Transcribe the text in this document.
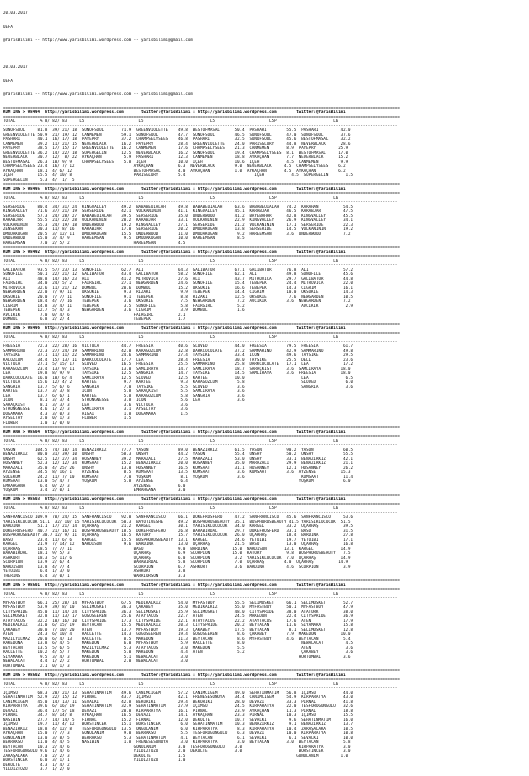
20.03.2017

UEFA

@YarisBilimi -- http://www.yarisbilimi.wordpress.com -- yarisbilimi@gmail.com

20.03.2017

UEFA

@YarisBilimi -- http://www.yarisbilimi.wordpress.com -- yarisbilimi@gmail.com

=================================================================================================================================================================
KUM ING > 98494  http://yarisbilimi.wordpress.com       twitter:@YarisBilimi : http://yarisbilimi.wordpress.com        twitter:@YarisBilimi
=================================================================================================================================================================
TOTAL          % 8/ 82/ 83     L5                      L5                           L5                      L5P                       L6
----------------------------------------------------------------------------------------------------------------------------------------------------------------
SUNOFSOUL     81.8  39/ 21/ 18  SUNOFSOUL       71.9  GREENVIOLETTE    49.8  BESTOFMASAL      50.4  PASHARI        55.5  PASHARI         42.0
GREENVIOLETTE 50.9  21/ 19/ 12  CANMEMEN        59.1  SUNOFSOUL        47.7  SUNOFSOUL        46.5  SUNOFSOUL      47.0  SUNOFSOUL       37.6
PASHARI       40.1  16/ 17/ 18  PAYEPRY         37.2  CHAMPSELYSEES    46.8  PASHARI          32.5  SUNOFSOUL      45.6  BESTOFMASAL     32.2
CANMEMEN      39.2  11/ 21/ 15  NEVERBLACK      16.2  PAYEPRY          28.4  GREENVIOLETTE    24.0  PARISGLORY     44.8  NEVERBLACK      28.6
PAYEPRY       38.5  17/ 15/ 17  GREENVIOLETTE   16.2  CANMEMEN         17.6  CHAMPSELYSEES    21.3  CANMEMEN       8.9  PAYEPRY         25.9
GREENVIOLETTE 36.2  14/ 22/ 18  SUPERGELIN      12.5  NEVERBLACK       16.2  SONOFSOUL        19.4  CHAMPSELYSEES  8.1  BESTOFMASAL     17.0
NEVERBLACK    30.7  12/  8/ 22  AYKAÇHAN         5.9  PASHARI          12.3  CANMEMEN         18.8  AYKAÇHAN       7.7  NEVERBLACK      15.2
BESTOFMASAL   26.3  10/ 9/ 9    CHAMPSELYSEES    5.8  İÇEH             10.0  İÇEH             10.6  İÇEH           4.5  CANMEMEN         9.9
CHAMPSELYSEES 23.4  16/ 7/ 12                        AYKAÇHAN          6.3  NEVERBLACK        9.0  NEVERBLACK     4.5  CHAMPSELYSEES    6.2
AYKAÇHAN      18.1  4/ 6/ 12                         BESTOFMASAL       4.0  AYKAÇHAN          1.0  AYKAÇHAN       4.5  AYKAÇHAN         6.2
İÇEH          15.5  4/ 10/ 8                         PARISGLORY        5.4                            İÇEH           4.5  SUPERGELIN       1.5
SUPERGELIN     5.3  4/  1/  5
=================================================================================================================================================================
KUM ING > 98495  http://yarisbilimi.wordpress.com       twitter:@YarisBilimi : http://yarisbilimi.wordpress.com        twitter:@YarisBilimi
=================================================================================================================================================================
TOTAL          % 8/ 82/ 83     L5                      L5                           L5                      L5P                       L6
----------------------------------------------------------------------------------------------------------------------------------------------------------------
SERSERIDE     80.4  34/ 31/ 24  KINGVALLEY      49.2  BABABEUIALAH     49.8  BABABEUIALAH     63.6  BABABEUIALAH   74.2  KARAHAN          54.5
KINGVALLEY    71.6  37/ 21/ 19  SERSERIDE       42.1  VOLKANININ       41.1  KINGVALLEY       45.1  KARABJAR       46.5  KARABJAR         47.5
SERSERIDE     57.3  24/ 28/ 27  BABABEUIALAH    39.5  SERSERIDE        35.0  UNDERWOOD        41.2  BAYEBAHAR      42.8  KINGVALLEY       45.5
KARABJAR      55.5  21/ 22/ 28  VOLKANININ      20.2  KARABJAR         33.1  VOLKANININ       22.9  KINGVALLEY     26.9  KINGVALLEY       34.1
VOLKANININ    55.3  24/ 19/ 18  UNDERWOOD       19.2  KINGVALLEY       27.1  SERSERIDE        21.2  VOLKANININ     17.1  SERSERIDE        22.3
ZENSEKAN      30.3  11/ 8/ 16   KARABJAR        17.0  SERSERIDE        20.2  DMUDAKOGAN       13.8  SERSERIDE      14.5  VOLKANININ       19.2
DMUDAKOGAN    20.5  3/ 12/ 11   DMUDAKOGAN      15.5  UNDERWOOD        11.0  DMUDAKOGAN        9.2  HAREEMSAN      3.6  UNDERWOOD         7.2
UNDERWOOD     15.0  3/ 4/ 9     HAREEMSAN        9.5  DMUDAKOGAN       10.0  HAREEMSAN         8.5
HAREEMSAN      7.0  2/ 5/ 2                          HAREEMSAN         4.5
=================================================================================================================================================================
KUM ING > 98492  http://yarisbilimi.wordpress.com       twitter:@YarisBilimi : http://yarisbilimi.wordpress.com        twitter:@YarisBilimi
=================================================================================================================================================================
TOTAL          % 8/ 82/ 83     L5                      L5                           L5                      L5P                       L6
----------------------------------------------------------------------------------------------------------------------------------------------------------------
GALIBATUR     93.5  57/ 23/ 13  SUNOFILE        62.7  ALI              64.3  GALIBATUR        67.1  GALIBATUR      76.8  ALI              57.2
SUNOFILE      50.1  22/ 21/ 12  GALIBATUR       43.4  GALIBATUR        58.2  SUNOFILE         62.1  ALI            49.8  SUNOFILE         45.6
ALI           48.8  14/ 16/ 23  ALI             41.2  MITROVICA        27.6  ALI              43.7  MITROVICA      29.7  GALIBATUR        44.8
FAIRGIRL      34.0  24/ 5/ 2    FAIRGIRL        27.1  NEWGARDEN        24.6  SUNOFILE         15.4  TEBEPEK        24.4  MITROVICA        22.0
MITROVICA     32.6  11/ 21/ 12  DOMBUL          20.6  DOMBUL           15.2  ÖKSÜKIE          16.6  TEBEPEK        14.3  CİGRIM           16.1
NEWGARDEN     22.0  7/ 9/ 11    ÖKSÜKIE          9.3  RIZAKI            9.9  TEBEPEK          14.4  CİGRIM         10.0  ÖKSÜKIE          14.3
ÖKSÜKIE       20.0  7/ 7/ 11    SUNOFILE         9.1  TEBEPEK           8.8  RIZAKI           12.5  ÖKSÜKIE         7.6  NEWGARDEN        10.5
NEWGARDEN     18.4  4/ 7/ 16    TEBEPEK          3.6  ÖKSÜKIE           7.5  NEWGARDEN         7.2  AVCIKIK        3.6  NEWGARDEN         7.2
CİGRIM        14.8  3/ 4/ 11    TEBEPEK          3.5  SUNOFILE          5.8  FAIRGIRL          5.2                       AVCIKIK           2.9
TEBEPEK       12.7  5/ 4/ 3     NEWGARDEN        3.6  CİGRIM            3.9  DOMBUL            1.6
AVCIKIK        7.0  0/ 4/ 6                          FAIRGIRL          2.1
DOMBUL         6.8  2/ 2/ 4                          TEBEPEK           1.7
=================================================================================================================================================================
KUM ING > 98496  http://yarisbilimi.wordpress.com       twitter:@YarisBilimi : http://yarisbilimi.wordpress.com        twitter:@YarisBilimi
=================================================================================================================================================================
TOTAL          % 8/ 82/ 83     L5                      L5                           L5                      L5P                       L6
----------------------------------------------------------------------------------------------------------------------------------------------------------------
FREESIA       72.3  22/ 28/ 16  VICTOLA         44.7  FREESIA          40.6  SLOVED           44.0  FREESIA        79.5  FREESIA          61.7
SAMMARINO     72.3  27/ 24/ 19  SAMMARINO       42.0  KARAGOZLUM       32.8  DARKCOCOLATE     37.2  SAMMARINO      42.9  SAMMARINO        49.8
TAYSIKE       37.1  11/ 11/ 22  SAMMARINO       24.6  SAMMARINO        27.4  TAYSIKE          33.4  ICON           49.6  TAYSIKE          29.5
KALOZLUM      34.4  15/ 13/ 11  DARKCOCOLATE    17.7  LEA              28.4  FREESIA          30.0  TAYSIKE        25.5  DELL             23.6
VICTOLA       27.1  5/ 15/ 17   SLOVED          16.5  FREESIA          25.5  SAMMARINO        25.8  DARKCOCOLATE   17.1  LEA              17.2
KARAGOZLUM    23.4  13/ 9/ 11   TAYSIKE         13.0  SAMLIRAYA        14.7  SAMLIRAYA        18.7  SARAÇKIST      3.6  SAMLIRAYA        18.0
LEA           19.8  8/ 9/ 9     TAYSIKE         12.5  SANGRIA          14.7  TAYSIKE          14.5  SAMLIRAYA      3.6  FREESIA          18.0
DARKCOCOLATE  16.0  10/ 6/ 4    SAMLIRAYA       12.5  SLOVED           12.5  KARTEE           10.0                       LEA               6.5
VICTOLA       15.6  12/ 4/ 2    KARTEE           9.7  KARTEE            9.3  KARAGOZLUM        5.8                       SLOVED            6.0
SANGRIA       13.7  5/ 6/ 6     SANGRIA          7.0  TAYSIKE           5.5  SLOVED            3.6                       SANGRIA           3.6
KARTEE        13.7  3/ 3/ 8     ICON             5.8  SARAÇKIST         5.5  SAMLIRAYA         3.6
LEA           13.7  6/ 6/ 1     KARTEE           5.8  KARAGOZLUM        5.8  SANGRIA           3.6
ICON           8.1  3/ 3/ 4     STRONGNESSE      3.8  ICON              5.6  LEA               3.6
SARAÇKIST      8.1  3/ 3/ 3     LEA              3.6  VICTOLA           3.6
STRONGNESSE    4.6  1/ 2/ 3     SAMLIRAYA        3.1  AYSELTAY          3.6
DOĞAMARA       4.3  3/ 0/ 3     AIGAI            1.8  DOĞAMARA          1.5
AYSELTAY       2.0  0/ 1/ 3     FLOWER           1.5
FLOWER         1.0  1/ 0/ 0
=================================================================================================================================================================
KUM ANA > 98504  http://yarisbilimi.wordpress.com       twitter:@YarisBilimi : http://yarisbilimi.wordpress.com        twitter:@YarisBilimi
=================================================================================================================================================================
TOTAL          % 8/ 82/ 83     L5                      L5                           L5                      L5P                       L6
----------------------------------------------------------------------------------------------------------------------------------------------------------------
YASON        104.5  74/ 10/ 14  BENAZİRKIZ      77.7  YASON            89.0  BENAZİRKIZ       61.5  YASON          90.2  YASON            60.5
BENAZİRKIZ    80.0  31/ 39/ 10  UNSHY           58.3  UNSHY            44.2  YASON            55.4  UNSHY          50.2  UNSHY            55.5
UNSHY         62.5  12/ 27/ 34  HOSANNEY        39.2  MARAZALI         27.5  MARAZALI         53.0  UNSHY          33.1  BENAZİRKIZ       42.1
HOSANNEY      52.3  12/ 12/ 34  KUMSAAT         15.2  BENAZİRKIZ       20.0  HOSANNEY         35.0  MARAZALI       29.9  BENAZİRKIZ       21.1
MARAZALI      35.0  4/ 25/ 26   UNSHY           13.0  HOSANNEY         16.5  KUMSAAT          31.1  HOSANNEY       12.1  HOSANNEY         26.2
AYZENSE       34.5  8/ 16/ 1    AYZENSE          8.5  KUMSAAT          13.5  KUMSAAT           3.6  KUMSAAT        3.6  AYZENSE          15.3
SULEKUM       24.2  11/ 7/ 10   KUMSAAT          7.0  YOŞKUM            8.1  YOŞKUM            3.6                       KUMSAAT          11.4
KUMSAAT       13.0  5/ 4/ 7     YOŞKUM           5.8  AYZENSE           6.4                                             YOŞKUM            6.0
EMRAHGANA      6.4  0/ 2/ 3                          AYZENSE           6.0
YOŞKUM         3.4  2/ 0/ 1                          EMRAHGANA         3.0
=================================================================================================================================================================
KUM ING > 98503  http://yarisbilimi.wordpress.com       twitter:@YarisBilimi : http://yarisbilimi.wordpress.com        twitter:@YarisBilimi
=================================================================================================================================================================
TOTAL          % 8/ 82/ 83     L5                      L5                           L5                      L5P                       L6
----------------------------------------------------------------------------------------------------------------------------------------------------------------
SANFRANCISCO 109.9  70/ 24/ 15  SANFRANCISCO    92.0  SANFRANCISCO     66.1  DOKEFROSFERO     47.2  SANFRANCISCO   45.6  SANFRANCISCO     53.6
YARISIKLOCOCUK 51.1  32/ 10/ 15 YARISIKLOCOCUK  50.3  BAYOTIVESHE      49.2  BOSPHORUSBEAUTY  35.1  BOSPHORUSBEAUTY 41.5 YARISIKLOCOCUK  51.5
BARDINA       51.1  17/ 21/ 14  UÇARHAŞ         21.2  KARGEL           30.1  YARISIKLOCOCUK   34.0  KARGEL         33.2  UÇARHAŞ          39.5
DOKEFROSFERO  40.7  21/ 16/ 11  BOSPHORUSBEAUTY 18.5  DOKEFROSFERO     26.8  BARABIRDAL       29.7  DOKEFROSFERO   33.1  BASU             31.5
BOSPHORUSBEAUTY 30.7 12/ 9/ 11  UÇARHAŞ         16.5  KATORY           15.7  YARISIKLOCOCUK   26.0  UÇARHAŞ        18.4  BARDINA          27.8
BASU          23.4  11/ 6/ 6    KARGEL          15.5  BOSPHORUSBEAUTY  13.1  KARGEL           24.6  YETUIBI        19.7  YETUIBI          17.1
KARGEL        21.9  7/ 14/ 12   NARDISON         9.6  BARDINA          13.0  UÇARHAŞ          21.5  BASU           13.0  UÇARHAŞ          16.8
UÇARHAŞ       18.5  7/ 7/ 11                         BASU              9.0  BARDINA          15.0  NARDISON       13.1  KARGEL           14.9
BARABIRDAL    18.1  9/ 5/ 3                          UÇARHAŞ           6.9  SCORPION         15.0  KATORY          9.8  BOSPHORUSBEAUTY   7.5
ASHKURT       18.3  5/ 11/ 6                         UÇARHAŞ           6.0  SCORPION          3.2  YARISIKLOCOCUK  7.0  UÇARHAŞ          14.9
SCORPION      13.9  2/ 6/ 4                          BARABIRDAL        5.8  SCORPION          7.0  UÇARHAŞ        4.0  UÇARHAŞ          14.9
NARDISON      13.8  4/ 7/ 4                          SCORPION          6.7  ASHKURT           3.6  BARDINA         4.6  SCORPION          3.9
YETUIBI        6.4  1/ 3/ 0                          ASHKURT           3.8
THERINS        6.4  3/ 0/ 1                          WARRIORSON        3.3
=================================================================================================================================================================
KUM ING > 98501  http://yarisbilimi.wordpress.com       twitter:@YarisBilimi : http://yarisbilimi.wordpress.com        twitter:@YarisBilimi
=================================================================================================================================================================
TOTAL          % 8/ 82/ 83     L5                      L5                           L5                      L5P                       L6
----------------------------------------------------------------------------------------------------------------------------------------------------------------
MYFASTBOY     66.1  25/ 28/ 14  MYFASTBOY       67.5  MEDIKALKIZ       54.0  MYFASTBOY        55.5  SELIMUSKET     66.1  SELIMUSKET       52.7
MYFASTBOY     53.9  39/ 8/ 10   SELIMUSKET      36.3  ÇAKABEY          35.0  MEDIKALKIZ       55.0  MYFASTBOY      50.1  MYFASTBOY        47.9
CITYSPRIDE    45.0  11/ 14/ 24  CITYSPRIDE      36.3  SELIMUSKET       25.9  SELIMUSKET       48.0  CITYSPRIDE     38.0  ATATÜRK          38.0
SELIMUSKET    32.8  11/ 13/ 17  GOGOSEEREN      25.6  ATAYTACUS        22.7  ATEN             24.5  MAKEDON        22.4  CITYSPRIDE       36.9
ATAYTACUS     32.2  10/ 16/ 10  CITYSPRIDE      17.3  CITYSPRIDE       22.1  ATAYTACUS        22.2  ATAYTACUS      17.6  ATEN             17.9
MEDIKALKIZ    31.0  6/ 15/ 19   BEYTACAN        15.5  MEDIKALKIZ       20.3  CITYSPRIDE       20.2  BEYTACAN       11.6  SIYAMARA         15.8
ÇAKABEY       30.0  7/ 10/ 20   ATEN            13.7  MYFASTBOY        19.3  ÇAKABEY          17.5  BEYTACAN        8.1  SELIMUSKET       12.8
ATEN          24.3  6/ 10/ 4    RACLETTE        14.3  GOGOSEEREN       19.4  GOGOSEEREN        8.6  ÇAKABEY        7.9  MAKEDON          10.0
MAZILYILMAZ   20.0  6/ 4/ 13    RACLETTE         8.5  MAKEDON          11.3  BEYTACAN          8.6  MYFASTBOY      4.6  BEYTACAN          5.4
RAKEDONA      13.8  6/ 4/ 5     MAKEDON          6.0  MYFASTBOY         5.9  RACLETTE          8.0                       NEWALACAT         4.5
BEYTACAN      13.5  5/ 6/ 5     MAZILYILMAZ      5.3  ATAYTACUS         3.0  MAKEDON           5.5                       ATEN              3.6
RACLETTE      10.2  4/ 5/ 7     MAKEDON          5.0  MAKEDON           4.4  ATEN              5.2                       ÇAKABEY           3.6
SIYAMARA       9.5  3/ 4/ 3     MAKEDON          5.1  NEWALACAT         3.0                                             HURTOMBAL         3.6
NEWALACAT      4.4  1/ 2/ 2     HURTOMBAL        2.0  NEWALACAT         3.0
HURTOMBAL      2.1  0/ 1/ 3
=================================================================================================================================================================
KUM ING > 98502  http://yarisbilimi.wordpress.com       twitter:@YarisBilimi : http://yarisbilimi.wordpress.com        twitter:@YarisBilimi
=================================================================================================================================================================
TOTAL          % 8/ 82/ 83     L5                      L5                           L5                      L5P                       L6
----------------------------------------------------------------------------------------------------------------------------------------------------------------
İÇİMSÜ        68.3  20/ 21/ 13  SEHATİNMATIM    49.6  CANIMCİGEM       57.2  CANIMCİGEM       49.0  SEHATİNMATIM   56.8  İÇİMSÜ           44.0
SEHATİNMATIM  52.9  22/ 15/ 12  PIRNAL          43.7  İÇİMSÜ           42.1  FRENESESONUYA    34.4  CANIMCİGEM     54.9  KIRPARATYA       43.0
CANIMCİGEM    45.0  14/ 13/ 11  SEVALKI         42.8  BEKORIKI         29.4  BEKORIKI         28.0  DEVAZI         33.3  PIRNAL           41.8
KIRPARATYA    39.6  6/ 16/ 19   SEHATİNMATIM    32.9  SEHATİNMATIM     27.9  İÇİMSÜ           24.5  KIRPARATYA     22.0  TESFOROGÜNGÜLÜ   32.6
DEVAZI        36.4  17/ 5/ 18   DEVAZI          20.0  KIRPARATYA       16.1  PIRNAL           23.9  AYKAÇHAN       11.3  PIRNAL           18.8
PIRNAL        34.7  8/ 14/ 8    AYKAÇHAN        16.5  DEVAZI           14.1  AYKAÇHAN         23.3  PIRNAL         10.3  İÇİMSÜ           15.5
NASIBIN       27.7  14/ 14/ 5   FIRNAL          15.2  FIRNAL           12.0  DEKOLTE          10.7  SEVALKI         9.6  SEHATİNMATIM     16.0
İÇİMSÜ        19.7  11/ 4/ 12   BORSTINCEK      15.1  BORSTINCEK        6.0  SEHATİNMATIM     10.3  BENAZİRKIZ      9.1  BENAZİRKIZ       13.7
BENAZİRKIZ    18.8  4/ 12/ 8    TESFOROGÜNGÜLÜ  13.5  ÖNGÜLANIM         6.0  KIRPARATYA        8.3  KIRPARATYA     10.4  ZARAŞALAKA       10.5
AYKAÇHAN      15.0  7/ 7/ 3     GÖNÜLANIM        9.0  BERRAKSU          5.5  TESFOROGÜNGÜLÜ    6.3  DEVAZI         10.0  KIRPARATYA       10.8
GÖNÜLANIM     13.0  3/ 8/ 5     BERRAKSU         5.3  SEHATİNMATIM      4.1  BEYTACAN          6.1  SEVALKI         6.1  SEVALKI          10.0
BERRAKSU      11.0  4/ 4/ 5     NASIBIN          1.8  FRENESESONUYA     3.0  KIRPARATYA        3.0  BEYTACAN       3.0  BEYTACAN          5.8
BEYTACAN      10.3  2/ 4/ 6                          GÖNÜLANIM         3.0  TESFOROGÜNGÜLÜ    3.0                       KIRPARATYA        3.0
TESFOROGÜNGÜLÜ 9.6  1/ 4/ 6                          YILDIZTOZU        2.0  DEKOLTE           3.0                       BORSTINCEK        3.0
ZARAŞALAKA     7.0  2/ 2/ 3                          DEKOLTE           1.5                                             GÖNÜLANIM         1.0
BORSTINCEK     6.0  3/ 1/ 1                          YILDIZTOZU        1.0
DEKOLTE        4.3  1/ 4/ 2
YILDIZTOZU     3.7  1/ 2/ 0
